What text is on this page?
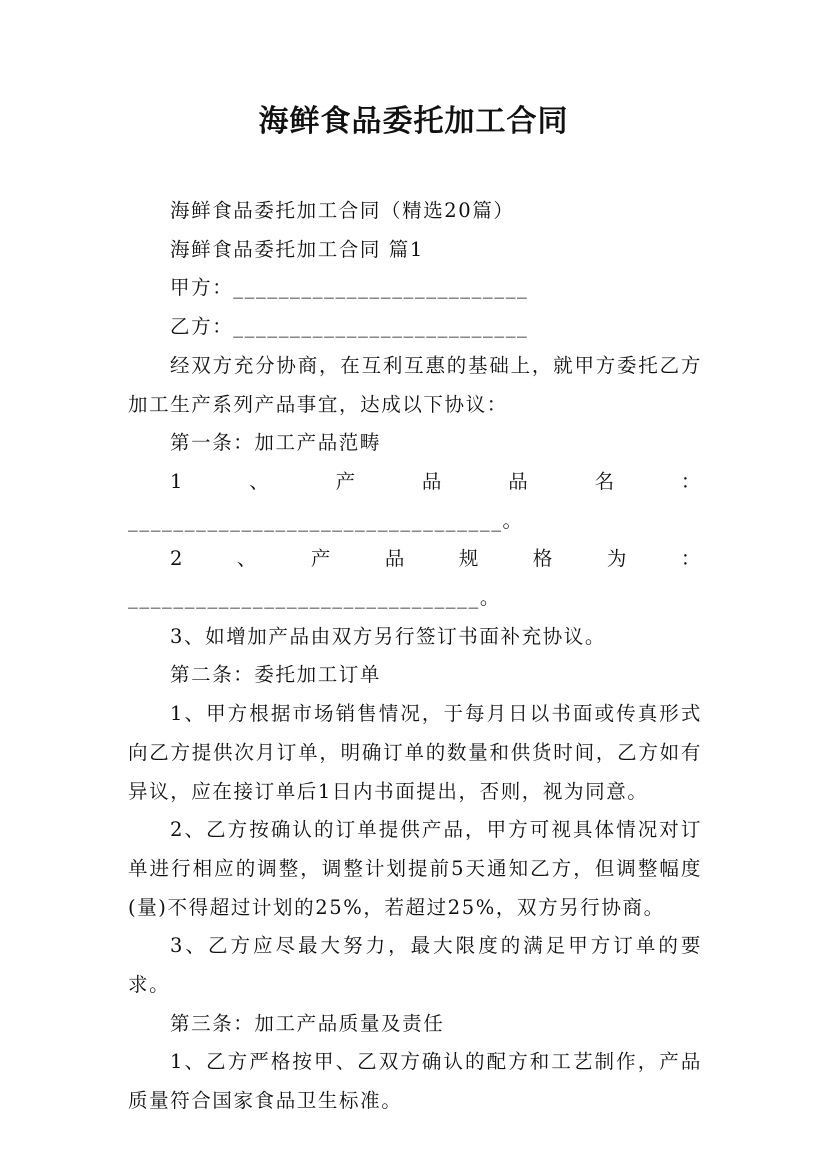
海鲜食品委托加工合同

海鲜食品委托加工合同（精选20篇）

海鲜食品委托加工合同 篇1

甲方：__________________________

乙方：__________________________

经双方充分协商，在互利互惠的基础上，就甲方委托乙方加工生产系列产品事宜，达成以下协议：

第一条：加工产品范畴

1、产品品名：_________________________________。

2、产品规格为：_______________________________。

3、如增加产品由双方另行签订书面补充协议。

第二条：委托加工订单

1、甲方根据市场销售情况，于每月日以书面或传真形式向乙方提供次月订单，明确订单的数量和供货时间，乙方如有异议，应在接订单后1日内书面提出，否则，视为同意。

2、乙方按确认的订单提供产品，甲方可视具体情况对订单进行相应的调整，调整计划提前5天通知乙方，但调整幅度(量)不得超过计划的25%，若超过25%，双方另行协商。

3、乙方应尽最大努力，最大限度的满足甲方订单的要求。

第三条：加工产品质量及责任

1、乙方严格按甲、乙双方确认的配方和工艺制作，产品质量符合国家食品卫生标准。
